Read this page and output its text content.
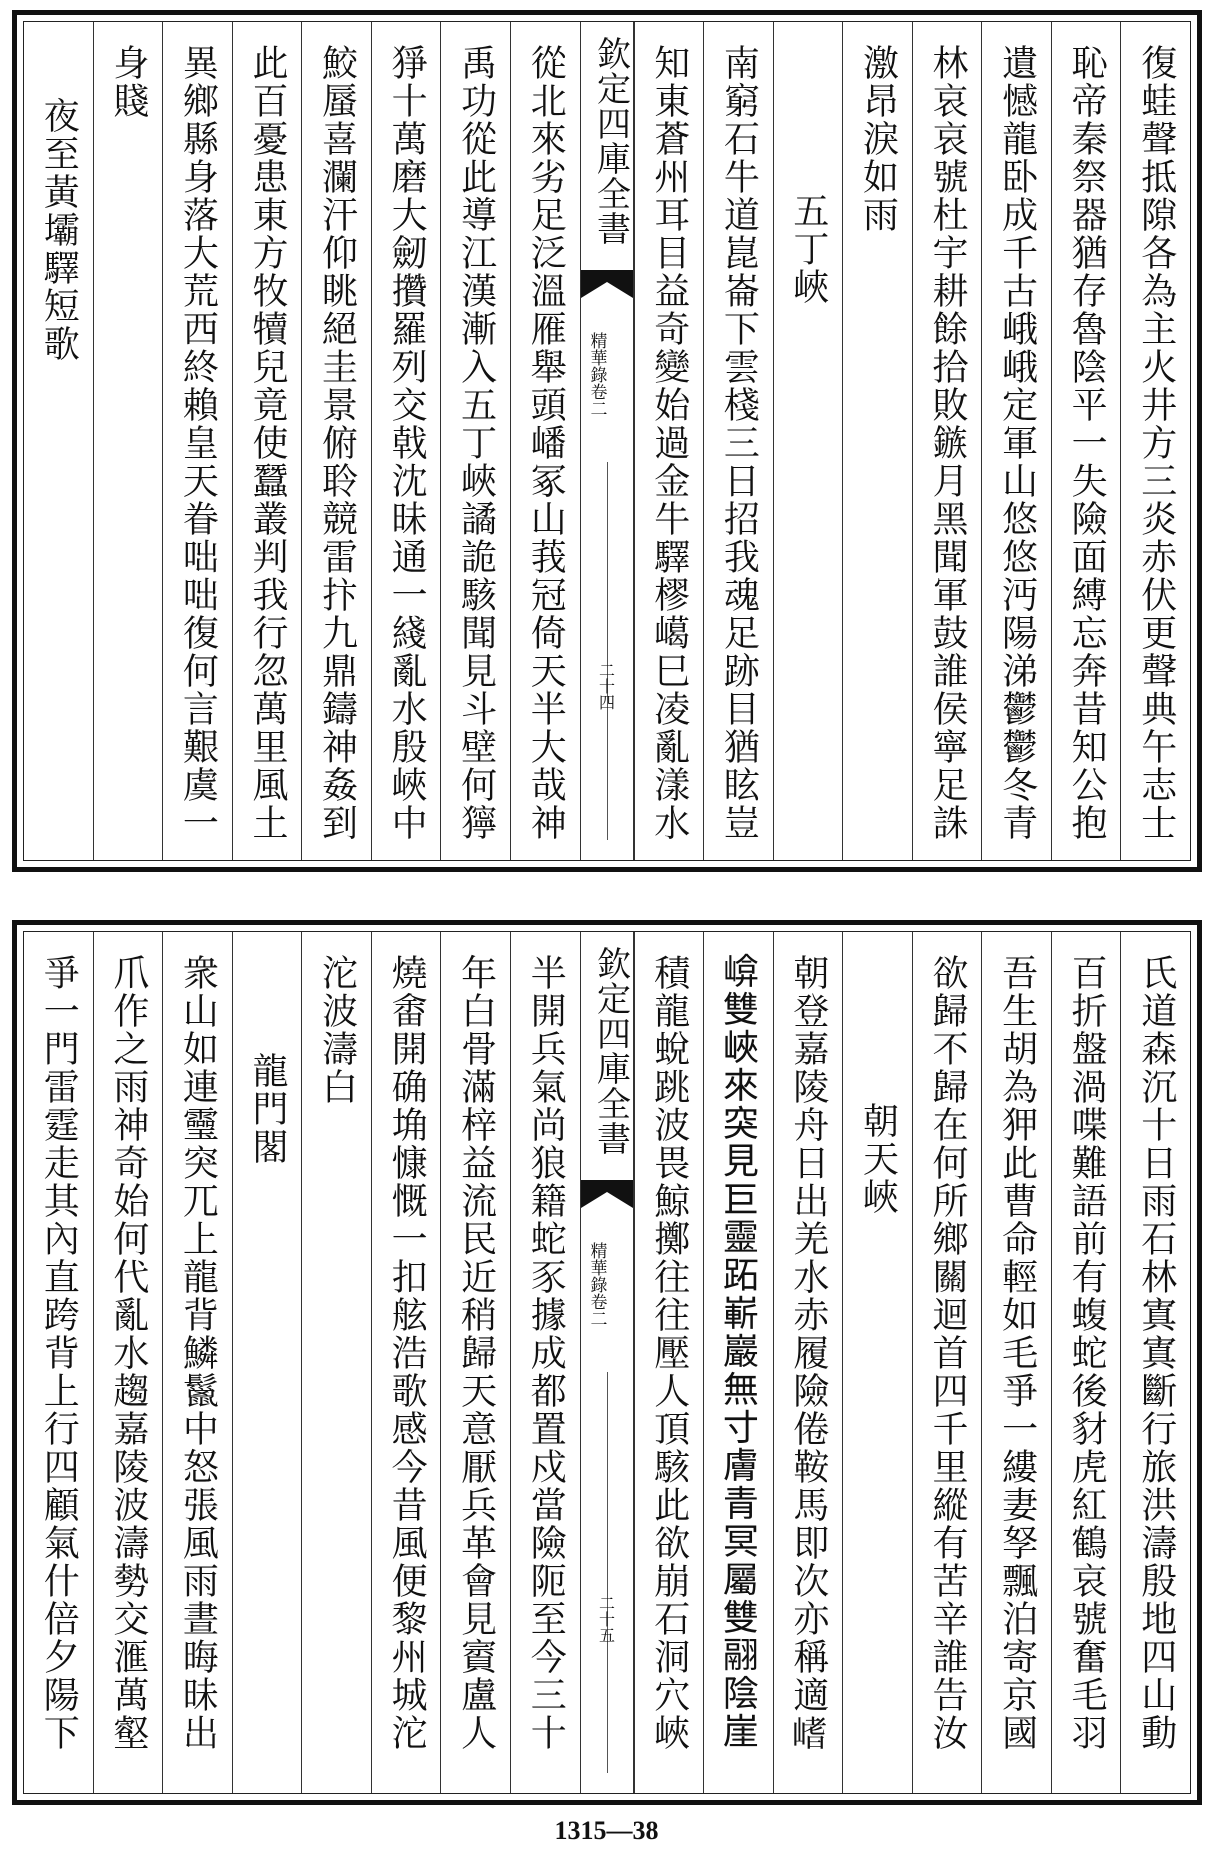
復蛙聲抵隙各為主火井方三炎赤伏更聲典午志士
恥帝秦祭器猶存魯陰平一失險面縛忘奔昔知公抱
遺憾龍卧成千古峨峨定軍山悠悠沔陽涕鬱鬱冬青
林哀哀號杜宇耕餘拾敗鏃月黑聞軍鼓誰侯寧足誅
激昂淚如雨
五丁峽
南窮石牛道崑崙下雲棧三日招我魂足跡目猶眩豈
知東蒼州耳目益奇變始過金牛驛樛嶱巳凌亂漾水
欽定四庫全書
精華錄卷二
二十四
從北來劣足泛溫雁舉頭嶓冢山莪冠倚天半大哉神
禹功從此導江漢漸入五丁峽譎詭駭聞見斗壁何獰
猙十萬磨大劒攢羅列交戟沈昧通一綫亂水殷峽中
鮫蜃喜瀾汗仰眺絕圭景俯聆競雷抃九鼎鑄神姦到
此百憂患東方牧犢兒竟使蠶叢判我行忽萬里風土
異鄉縣身落大荒西終賴皇天眷咄咄復何言艱虞一
身賤
夜至黃壩驛短歌
氏道森沉十日雨石林寘寘斷行旅洪濤殷地四山動
百折盤渦喋難語前有蝮蛇後豺虎紅鶴哀號奮毛羽
吾生胡為狎此曹命輕如毛爭一縷妻孥飄泊寄京國
欲歸不歸在何所鄉關迴首四千里縱有苦辛誰告汝
朝天峽
朝登嘉陵舟日出羌水赤履險倦鞍馬即次亦稱適𡺸
𡹮雙峽來突見巨靈跖嶄巖無寸膚青冥屬雙翮陰崖
積龍蛻跳波畏鯨擲往往壓人頂駭此欲崩石洞穴峽
欽定四庫全書
精華錄卷二
二十五
半開兵氣尚狼籍蛇豕據成都置戍當險阨至今三十
年白骨滿梓益流民近稍歸天意厭兵革會見賨盧人
燒畬開确埆慷慨一扣舷浩歌感今昔風便黎州城沱
沱波濤白
龍門閣
衆山如連𩆜突兀上龍背鱗鬣中怒張風雨晝晦昧出
爪作之雨神奇始何代亂水趨嘉陵波濤勢交滙萬壑
爭一門雷霆走其內直跨背上行四顧氣什倍夕陽下
1315—38
